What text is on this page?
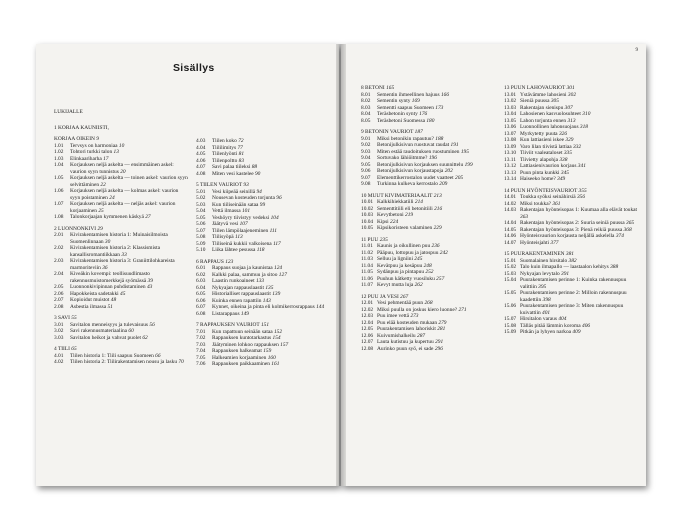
Sisällys
LUKIJALLE
1 KORJAA KAUNIISTI,
KORJAA OIKEIN 9
1.01	Tervsys on harmoniaa 10
1.02	Tohtori turkki talon 13
1.03	Elinkaariharha 17
1.04	Korjauksen neljä askelta — ensimmäinen askel: vaurion syyn tunnistus 20
1.05	Korjauksen neljä askelta — toinen askel: vaurion syyn selvittäminen 22
1.06	Korjauksen neljä askelta — kolmas askel: vaurion syyn poistaminen 24
1.07	Korjauksen neljä askelta — neljäs askel: vaurion korjaaminen 25
1.08	Talonkorjaajan kymmenen käskyä 27
2 LUONNONKIVI 29
2.01	Kivirakentamisen historia 1: Muinaisilmoista Suomenlinnaan 30
2.02	Kivirakentamisen historia 2: Klassismista kansallisromantiikkaan 33
2.03	Kivirakentamisen historia 3: Graniittilohkareista marmoriteviin 36
2.04	Kiveäkin kovempi: teollisuudlimasto rakennusmuistomerkkejä syömässä 39
2.05	Luonnonkivipinnan puhdistaminen 43
2.06	Hapokkeista sadetakki 45
2.07	Kopioidut muistot 48
2.08	Asbestia ilmassa 51
3 SAVI 55
3.01	Savitalon menneisyys ja tulevaisuus 56
3.02	Savi rakennusmateriaalina 60
3.03	Savitalon heikot ja vahvat puolet 62
4 TIILI 65
4.01	Tiilen historia 1: Tiili saapuu Suomeen 66
4.02	Tiilen historia 2: Tiilirakentamisen nousu ja lasku 70
4.03	Tiilen koko 72
4.04	Tiililimitys 77
4.05	Tiilenlyönti 81
4.06	Tiilenpoltto 83
4.07	Savi palaa tiileksi 88
4.08	Miten vesi kastelee 90
5 TIILEN VAURIOT 93
5.01	Vesi kiipeää seinillä 94
5.02	Nousevan kosteuden torjunta 96
5.03	Kun tiiliseinään sataa 99
5.04	Vettä ilmassa 101
5.05	Veshöyry tiivistyy vedeksi 104
5.06	Jäätyvä vesi 107
5.07	Tiilen lämpölaajeneminen 111
5.08	Tiilisyöpä 113
5.09	Tiiliseinä kukkii valkoisena 117
5.10	Liika lähtee pesussa 118
6 RAPPAUS 123
6.01	Rappaus suojaa ja kaunistaa 124
6.02	Kalkki palaa, sammuu ja sitoo 127
6.03	Laastin runkoaineet 133
6.04	Nykyajan rappauslaastit 135
6.05	Historialliset rappauslaastit 139
6.06	Kuinka ennen rapattiin 143
6.07	Kynnet, oikeina ja pinta eli kolmikerrosrappaus 144
6.08	Listarappaus 149
7 RAPPAUKSEN VAURIOT 151
7.01	Kun rapattuun seinään sataa 152
7.02	Rappauksen kuntotarkastus 154
7.03	Jäätyminen lohkoo rappauksen 157
7.04	Rappauksen halkeamat 159
7.05	Halkeamien korjaaminen 160
7.06	Rappauksen paikkaaminen 161
9
8 BETONI 165
8.01	Sementin ihmeellinen hajuus 166
8.02	Sementin synty 169
8.03	Sementti saapuu Suomeen 173
8.04	Teräsbetonin synty 176
8.05	Teräsbetoni Suomessa 180
9 BETONIN VAURIOT 187
9.01	Miksi betonikin rapautuu? 188
9.02	Betonijulkisivun ruostuvat raudat 191
9.03	Miten estää raudoituksen ruostuminen 195
9.04	Sortuvako lähiöitmme? 196
9.05	Betonijulkisivun korjauksen suunnittelu 199
9.06	Betonijulkisivun korjaustapoja 202
9.07	Elementtikerrostalon uudet vaatteet 205
9.08	Turkinna kulkeva kerrostalo 209
10 MUUT KIVIMATERIAALIT 213
10.01 Kalkkihiekkatiili 214
10.02 Sementtitiili eli betonitiili 216
10.03 Kevytbetoni 219
10.04 Kipsi 224
10.05 Kipsikoristeen valaminen 229
11 PUU 235
11.01 Kaunis ja oikullinen puu 236
11.02 Pääpuu, lottopuu ja jatospuu 242
11.03 Selluu ja ligniini 245
11.04 Kevätpuu ja kesäpuu 248
11.05 Sydänpuu ja pintapuu 252
11.06 Puuhun kätketty vuosiluku 257
11.07 Kevyt mutta luja 262
12 PUU JA VESI 267
12.01 Vesi pehmentää puun 268
12.02 Miksi puulla on joskus kiero luonne? 271
12.03 Puu imee vettä 273
12.04 Puu elää kosteuden mukaan 279
12.05 Puurakentamisen lahoriskit 281
12.06 Kuivumishalkeilu 287
12.07 Lauta kutistuu ja kupertuu 291
12.08 Aurinko puun syö, ei sade 296
13 PUUN LAHOVAURIOT 301
13.01 Ystävämme lahosieni 302
13.02 Sieniä puussa 305
13.03 Rakentajan sienispu 307
13.04 Lahosienen kasvuolosuhteet 310
13.05 Lahon torjunta ennen 313
13.06 Luonnollinen lahonsuojaus 318
13.07 Myrkytetty puuta 326
13.08 Kun lattiasieni iskee 329
13.09 Varo lilan tiivistä lattiaa 332
13.10 Tiiviit vaaleataloset 335
13.11 Tiivietty alapohja 338
13.12 Lattiasienivaurion korjaus 341
13.13 Puun pinta kunkki 345
13.14 Haiseeko home? 349
14 PUUN HYÖNTEISVAURIOT 355
14.01 Toukka syöksi seinähirsiä 356
14.02 Miksi toukka? 361
14.03 Rakentajan hyönteisopas 1: Kuumaa alla elävät toukat 363
14.04 Rakentajan hyönteisopas 2: Suuria seiniä puussa 365
14.05 Rakentajan hyönteisopas 3: Pienä reikiä puussa 368
14.06 Hyönteisvaurion korjausta neljällä askelella 374
14.07 Hyönteisjahti 377
15 PUURAKENTAMINEN 381
15.01 Suomalainen hirsitalo 382
15.02 Talo kuin ilmapallo — laastaalon kehitys 388
15.03 Nykyajan levytalo 391
15.04 Puurakentamisen perinne 1: Kuinka rakennuspuu valittiin 395
15.05 Puurakentamisen perinne 2: Milloin rakennuspuu kaadettiin 398
15.06 Puurakentamisen perinne 3: Miten rakennuspuu kuivattiin 401
15.07 Hirsitalon varaus 404
15.08 Tälläs pitää lämmin koroma 406
15.09 Pitkän ja lyhyen narkoa 409
